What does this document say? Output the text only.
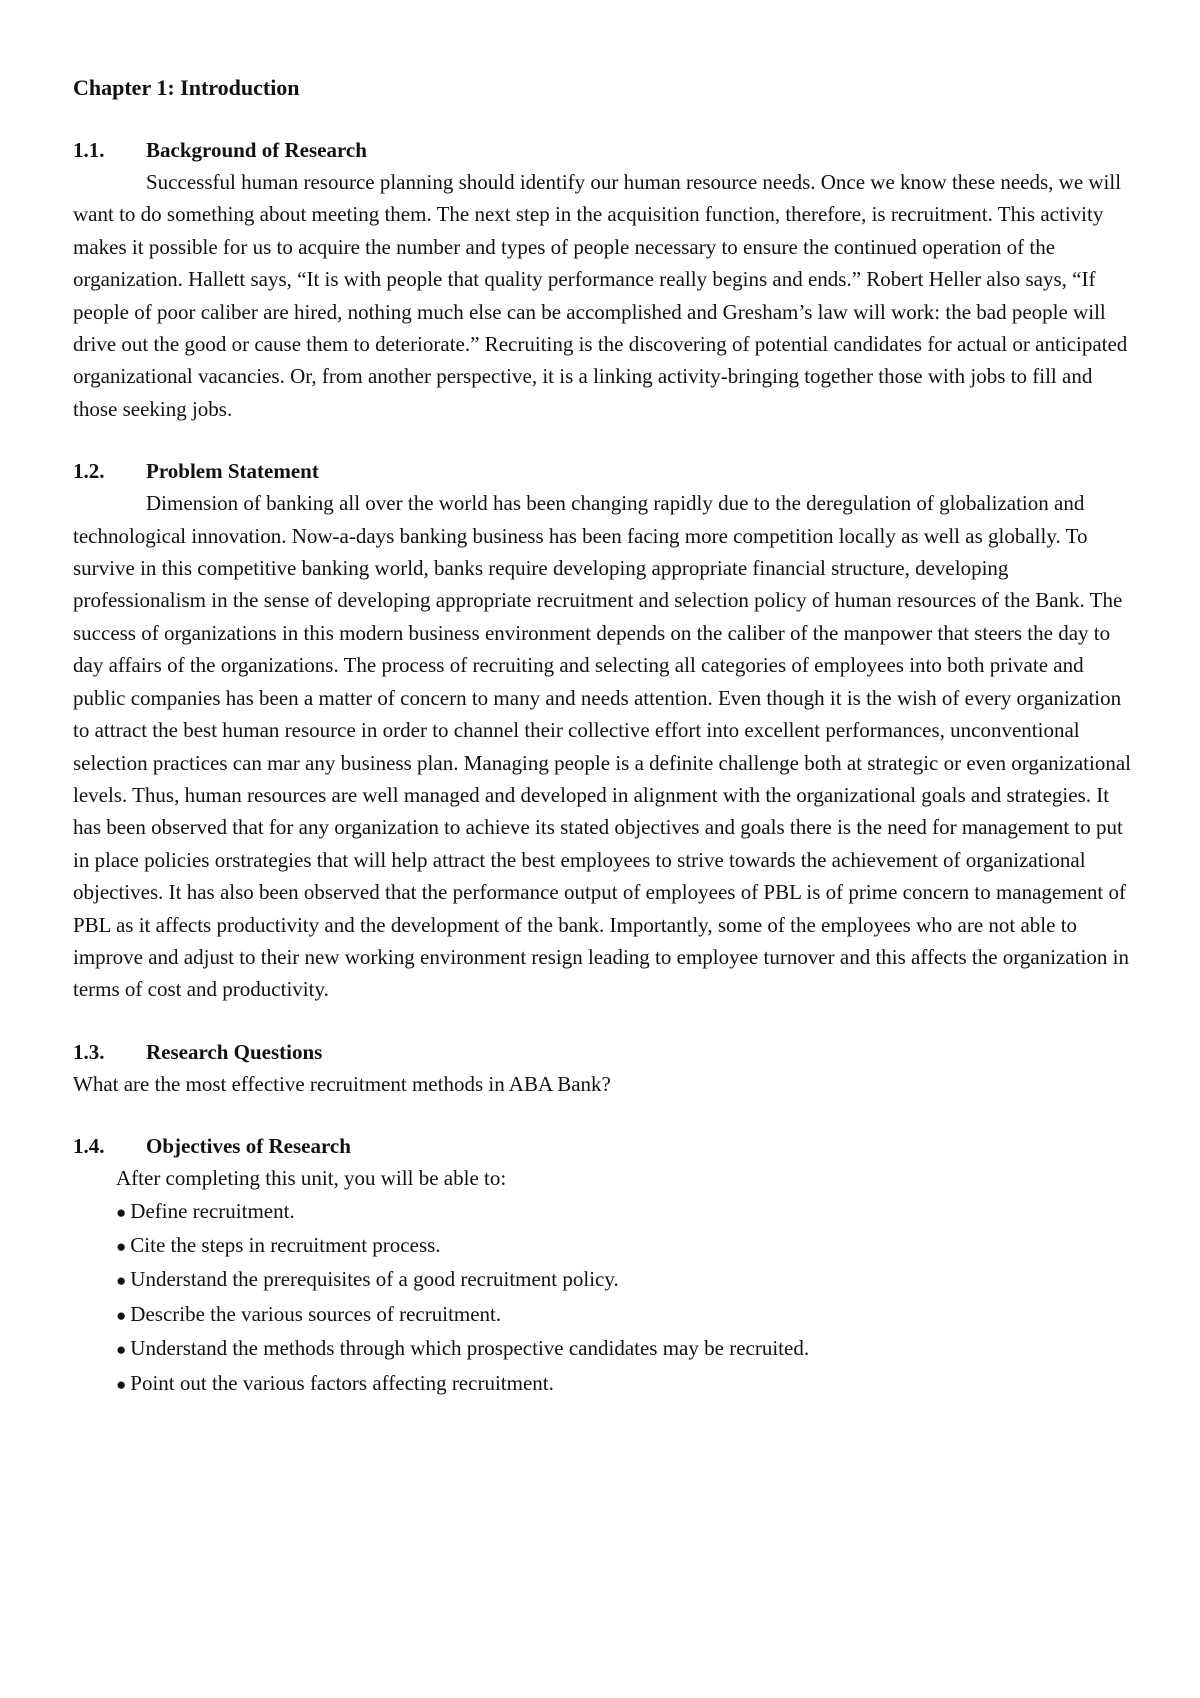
Chapter 1: Introduction

1.1. Background of Research

Successful human resource planning should identify our human resource needs. Once we know these needs, we will want to do something about meeting them. The next step in the acquisition function, therefore, is recruitment. This activity makes it possible for us to acquire the number and types of people necessary to ensure the continued operation of the organization. Hallett says, “It is with people that quality performance really begins and ends.” Robert Heller also says, “If people of poor caliber are hired, nothing much else can be accomplished and Gresham’s law will work: the bad people will drive out the good or cause them to deteriorate.” Recruiting is the discovering of potential candidates for actual or anticipated organizational vacancies. Or, from another perspective, it is a linking activity-bringing together those with jobs to fill and those seeking jobs.

1.2. Problem Statement

Dimension of banking all over the world has been changing rapidly due to the deregulation of globalization and technological innovation. Now-a-days banking business has been facing more competition locally as well as globally. To survive in this competitive banking world, banks require developing appropriate financial structure, developing professionalism in the sense of developing appropriate recruitment and selection policy of human resources of the Bank. The success of organizations in this modern business environment depends on the caliber of the manpower that steers the day to day affairs of the organizations. The process of recruiting and selecting all categories of employees into both private and public companies has been a matter of concern to many and needs attention. Even though it is the wish of every organization to attract the best human resource in order to channel their collective effort into excellent performances, unconventional selection practices can mar any business plan. Managing people is a definite challenge both at strategic or even organizational levels. Thus, human resources are well managed and developed in alignment with the organizational goals and strategies. It has been observed that for any organization to achieve its stated objectives and goals there is the need for management to put in place policies orstrategies that will help attract the best employees to strive towards the achievement of organizational objectives. It has also been observed that the performance output of employees of PBL is of prime concern to management of PBL as it affects productivity and the development of the bank. Importantly, some of the employees who are not able to improve and adjust to their new working environment resign leading to employee turnover and this affects the organization in terms of cost and productivity.

1.3. Research Questions

What are the most effective recruitment methods in ABA Bank?

1.4. Objectives of Research

After completing this unit, you will be able to:

● Define recruitment.
● Cite the steps in recruitment process.
● Understand the prerequisites of a good recruitment policy.
● Describe the various sources of recruitment.
● Understand the methods through which prospective candidates may be recruited.
● Point out the various factors affecting recruitment.
